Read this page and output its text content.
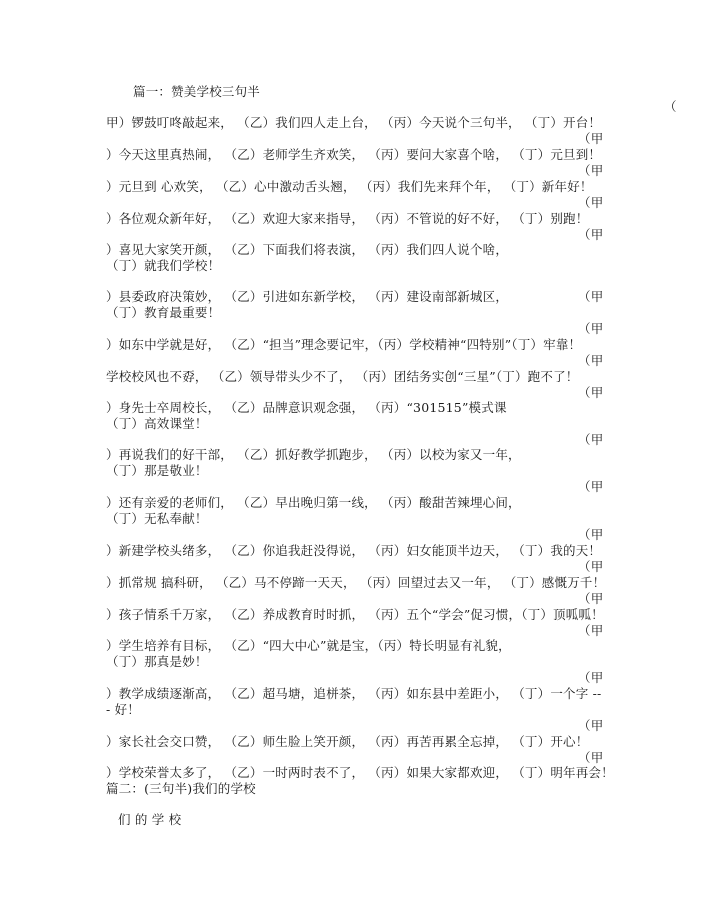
篇一：赞美学校三句半
（
甲）锣鼓叮咚敲起来， （乙）我们四人走上台， （丙）今天说个三句半， （丁）开台！
（甲
）今天这里真热闹， （乙）老师学生齐欢笑， （丙）要问大家喜个啥， （丁）元旦到！
（甲
）元旦到 心欢笑， （乙）心中激动舌头翘， （丙）我们先来拜个年， （丁）新年好！
（甲
）各位观众新年好， （乙）欢迎大家来指导， （丙）不管说的好不好， （丁）别跑！
（甲
）喜见大家笑开颜， （乙）下面我们将表演， （丙）我们四人说个啥，
（丁）就我们学校！
（甲
）县委政府决策妙， （乙）引进如东新学校， （丙）建设南部新城区，
（丁）教育最重要！
（甲
）如东中学就是好， （乙）“担当”理念要记牢，（丙）学校精神“四特别”（丁）牢靠！
（甲
学校校风也不孬， （乙）领导带头少不了， （丙）团结务实创“三星”（丁）跑不了！
（甲
）身先士卒周校长， （乙）品牌意识观念强， （丙）“301515”模式课
（丁）高效课堂！
（甲
）再说我们的好干部， （乙）抓好教学抓跑步， （丙）以校为家又一年，
（丁）那是敬业！
（甲
）还有亲爱的老师们， （乙）早出晚归第一线， （丙）酸甜苦辣埋心间，
（丁）无私奉献！
（甲
）新建学校头绪多， （乙）你追我赶没得说， （丙）妇女能顶半边天， （丁）我的天！
（甲
）抓常规 搞科研， （乙）马不停蹄一天天， （丙）回望过去又一年， （丁）感慨万千！
（甲
）孩子情系千万家， （乙）养成教育时时抓， （丙）五个“学会”促习惯，（丁）顶呱呱！
（甲
）学生培养有目标， （乙）“四大中心”就是宝，（丙）特长明显有礼貌，
（丁）那真是妙！
（甲
）教学成绩逐渐高， （乙）超马塘，追栟茶， （丙）如东县中差距小， （丁）一个字 --
- 好！
（甲
）家长社会交口赞， （乙）师生脸上笑开颜， （丙）再苦再累全忘掉， （丁）开心！
（甲
）学校荣誉太多了， （乙）一时两时表不了， （丙）如果大家都欢迎， （丁）明年再会！
篇二：(三句半)我们的学校
们 的 学 校
